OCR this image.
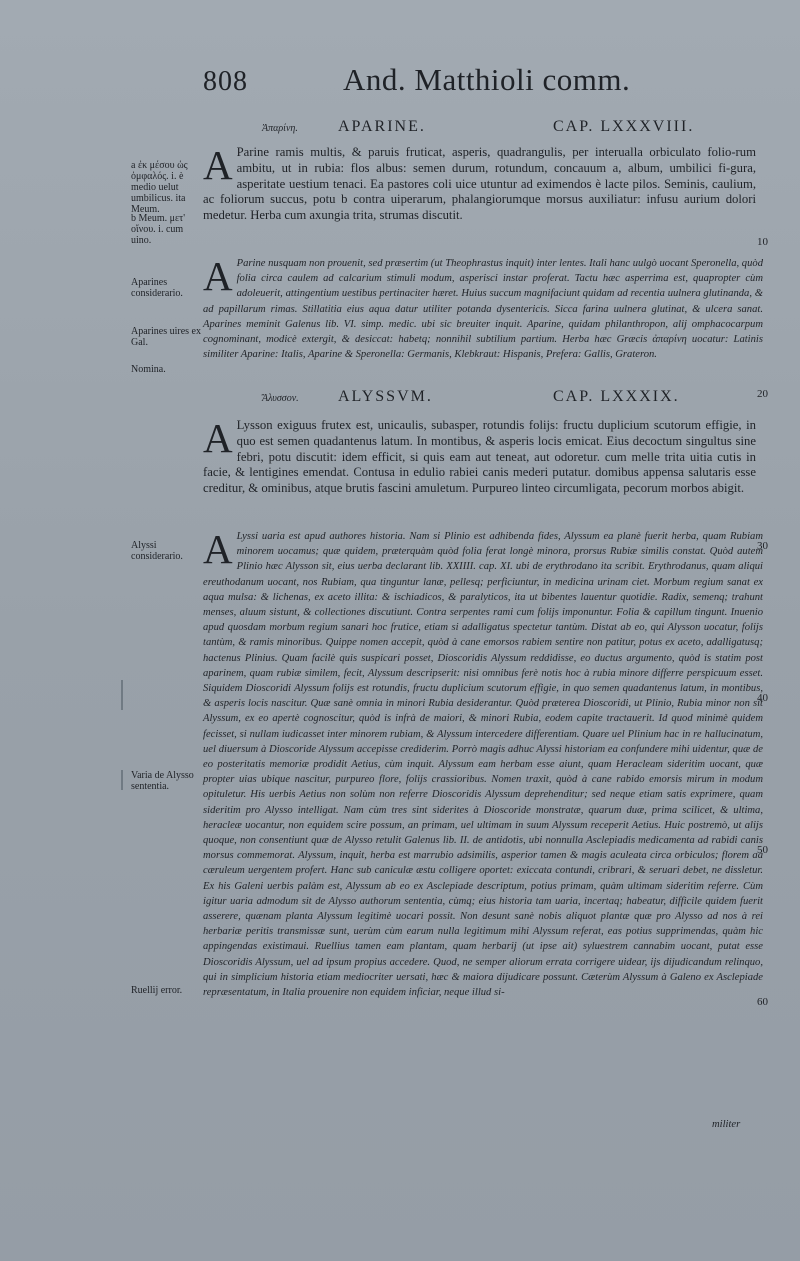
808	And. Matthioli comm.
Ἀπαρίνη.	APARINE.	CAP. LXXXVIII.
a ἐκ μέσου ὡς ὀμφαλός. i. è medio uelut umbilicus. ita Meum.
b Meum. μετ' οἴνου. i. cum uino.
A Parine ramis multis, & paruis fruticat, asperis, quadrangulis, per interualla orbiculato folio-rum ambitu, ut in rubia: flos albus: semen durum, rotundum, concauum a, album, umbilici fi-gura, asperitate uestium tenaci. Ea pastores coli uice utuntur ad eximendos è lacte pilos. Seminis, caulium, ac foliorum succus, potu b contra uiperarum, phalangiorumque morsus auxiliatur: infusu aurium dolori medetur. Herba cum axungia trita, strumas discutit.
10
Aparines considerario.
Aparines uires ex Gal.
Nomina.
A Parine nusquam non prouenit, sed præsertim (ut Theophrastus inquit) inter lentes. Itali hanc uulgò uocant Speronella, quòd folia circa caulem ad calcarium stimuli modum, asperisci instar proferat. Tactu hæc asperrima est, quapropter cùm adoleuerit, attingentium uestibus pertinaciter hæret. Huius succum magnifaciunt quidam ad recentia uulnera glutinanda, & ad papillarum rimas. Stillatitia eius aqua datur utiliter potanda dysentericis. Sicca farina uulnera glutinat, & ulcera sanat. Aparines meminit Galenus lib. VI. simp. medic. ubi sic breuiter inquit. Aparine, quidam philanthropon, alij omphacocarpum cognominant, modicè extergit, & desiccat: habetq; nonnihil subtilium partium. Herba hæc Græcis ἀπαρίνη uocatur: Latinis similiter Aparine: Italis, Aparine & Speronella: Germanis, Klebkraut: Hispanis, Prefera: Gallis, Grateron.
Ἄλυσσον. ALYSSVM.	CAP. LXXXIX.	20
A Lysson exiguus frutex est, unicaulis, subasper, rotundis folijs: fructu duplicium scutorum effigie, in quo est semen quadantenus latum. In montibus, & asperis locis emicat. Eius decoctum singultus sine febri, potu discutit: idem efficit, si quis eam aut teneat, aut odoretur. cum melle trita uitia cutis in facie, & lentigines emendat. Contusa in edulio rabiei canis mederi putatur. domibus appensa salutaris esse creditur, & ominibus, atque brutis fascini amuletum. Purpureo linteo circumligata, pecorum morbos abigit.
Alyssi considerario.
Varia de Alysso sententia.
Ruellij error.
30
40
50
60
A Lyssi uaria est apud authores historia. Nam si Plinio est adhibenda fides, Alyssum ea planè fuerit herba, quam Rubiam minorem uocamus; quæ quidem, præterquàm quòd folia ferat longè minora, prorsus Rubiæ similis constat. Quòd autem Plinio hæc Alysson sit, eius uerba declarant lib. XXIIII. cap. XI. ubi de erythrodano ita scribit. Erythrodanus, quam aliqui ereuthodanum uocant, nos Rubiam, qua tinguntur lanæ, pellesq; perficiuntur, in medicina urinam ciet. Morbum regium sanat ex aqua mulsa: & lichenas, ex aceto illita: & ischiadicos, & paralyticos, ita ut bibentes lauentur quotidie. Radix, semenq; trahunt menses, aluum sistunt, & collectiones discutiunt. Contra serpentes rami cum folijs imponuntur. Folia & capillum tingunt. Inuenio apud quosdam morbum regium sanari hoc frutice, etiam si adalligatus spectetur tantùm. Distat ab eo, qui Alysson uocatur, folijs tantùm, & ramis minoribus. Quippe nomen accepit, quòd à cane emorsos rabiem sentire non patitur, potus ex aceto, adalligatusq; hactenus Plinius. Quam facilè quis suspicari posset, Dioscoridis Alyssum reddidisse, eo ductus argumento, quòd is statim post aparinem, quam rubiæ similem, fecit, Alyssum descripserit: nisi omnibus ferè notis hoc à rubia minore differre perspicuum esset. Siquidem Dioscoridi Alyssum folijs est rotundis, fructu duplicium scutorum effigie, in quo semen quadantenus latum, in montibus, & asperis locis nascitur. Quæ sanè omnia in minori Rubia desiderantur. Quòd præterea Dioscoridi, ut Plinio, Rubia minor non sit Alyssum, ex eo apertè cognoscitur, quòd is infrà de maiori, & minori Rubia, eodem capite tractauerit. Id quod minimè quidem fecisset, si nullam iudicasset inter minorem rubiam, & Alyssum intercedere differentiam. Quare uel Plinium hac in re hallucinatum, uel diuersum à Dioscoride Alyssum accepisse crediderim. Porrò magis adhuc Alyssi historiam ea confundere mihi uidentur, quæ de eo posteritatis memoriæ prodidit Aetius, cùm inquit. Alyssum eam herbam esse aiunt, quam Heracleam sideritim uocant, quæ propter uias ubique nascitur, purpureo flore, folijs crassioribus. Nomen traxit, quòd à cane rabido emorsis mirum in modum opituletur. His uerbis Aetius non solùm non referre Dioscoridis Alyssum deprehenditur; sed neque etiam satis exprimere, quam sideritim pro Alysso intelligat. Nam cùm tres sint siderites à Dioscoride monstratæ, quarum duæ, prima scilicet, & ultima, heracleæ uocantur, non equidem scire possum, an primam, uel ultimam in suum Alyssum receperit Aetius. Huic postremò, ut alijs quoque, non consentiunt quæ de Alysso retulit Galenus lib. II. de antidotis, ubi nonnulla Asclepiadis medicamenta ad rabidi canis morsus commemorat. Alyssum, inquit, herba est marrubio adsimilis, asperior tamen & magis aculeata circa orbiculos; florem aa cæruleum uergentem profert. Hanc sub caniculæ æstu colligere oportet: exiccata contundi, cribrari, & seruari debet, ne dissletur. Ex his Galeni uerbis palàm est, Alyssum ab eo ex Asclepiade descriptum, potius primam, quàm ultimam sideritim referre. Cùm igitur uaria admodum sit de Alysso authorum sententia, cùmq; eius historia tam uaria, incertaq; habeatur, difficile quidem fuerit asserere, quænam planta Alyssum legitimè uocari possit. Non desunt sanè nobis aliquot plantæ quæ pro Alysso ad nos à rei herbariæ peritis transmissæ sunt, uerùm cùm earum nulla legitimum mihi Alyssum referat, eas potius supprimendas, quàm hic appingendas existimaui. Ruellius tamen eam plantam, quam herbarij (ut ipse ait) syluestrem cannabim uocant, putat esse Dioscoridis Alyssum, uel ad ipsum propius accedere. Quod, ne semper aliorum errata corrigere uidear, ijs dijudicandum relinquo, qui in simplicium historia etiam mediocriter uersati, hæc & maiora dijudicare possunt. Cæterùm Alyssum à Galeno ex Asclepiade repræsentatum, in Italia prouenire non equidem inficiar, neque illud si-
militer
